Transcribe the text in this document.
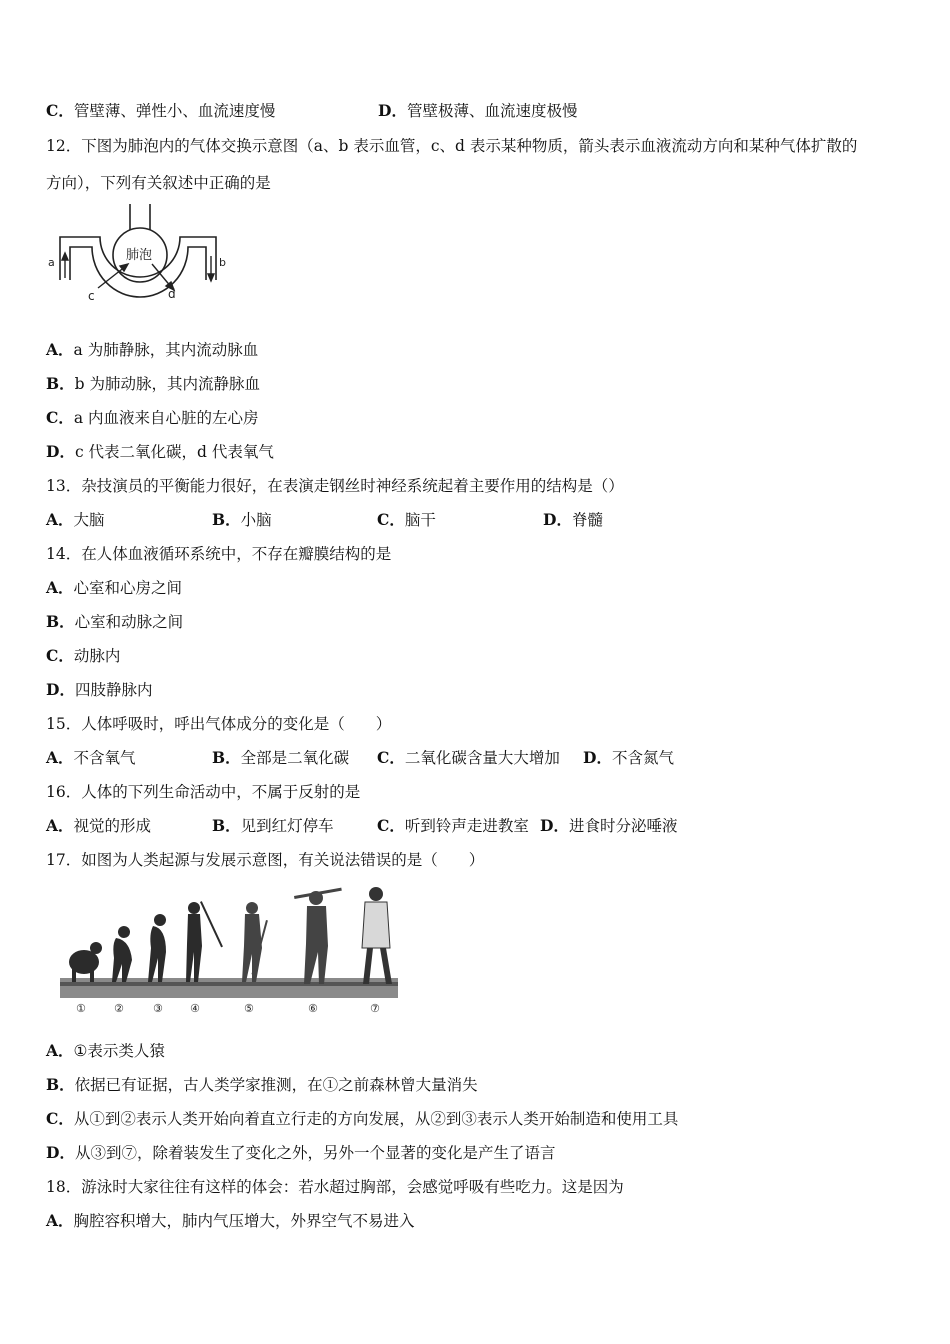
C．管壁薄、弹性小、血流速度慢	D．管壁极薄、血流速度极慢
12．下图为肺泡内的气体交换示意图（a、b 表示血管，c、d 表示某种物质，箭头表示血液流动方向和某种气体扩散的
方向），下列有关叙述中正确的是
肺泡
a	b
c	d
A．a 为肺静脉，其内流动脉血
B．b 为肺动脉，其内流静脉血
C．a 内血液来自心脏的左心房
D．c 代表二氧化碳，d 代表氧气
13．杂技演员的平衡能力很好，在表演走钢丝时神经系统起着主要作用的结构是（）
A．大脑	B．小脑	C．脑干	D．脊髓
14．在人体血液循环系统中，不存在瓣膜结构的是
A．心室和心房之间
B．心室和动脉之间
C．动脉内
D．四肢静脉内
15．人体呼吸时，呼出气体成分的变化是（　　）
A．不含氧气	B．全部是二氧化碳 C．二氧化碳含量大大增加 D．不含氮气
16．人体的下列生命活动中，不属于反射的是
A．视觉的形成	B．见到红灯停车	C．听到铃声走进教室 D．进食时分泌唾液
17．如图为人类起源与发展示意图，有关说法错误的是（　　）
①	②	③ ④	⑤	⑥	⑦
A．①表示类人猿
B．依据已有证据，古人类学家推测，在①之前森林曾大量消失
C．从①到②表示人类开始向着直立行走的方向发展，从②到③表示人类开始制造和使用工具
D．从③到⑦，除着装发生了变化之外，另外一个显著的变化是产生了语言
18．游泳时大家往往有这样的体会：若水超过胸部，会感觉呼吸有些吃力。这是因为
A．胸腔容积增大，肺内气压增大，外界空气不易进入
